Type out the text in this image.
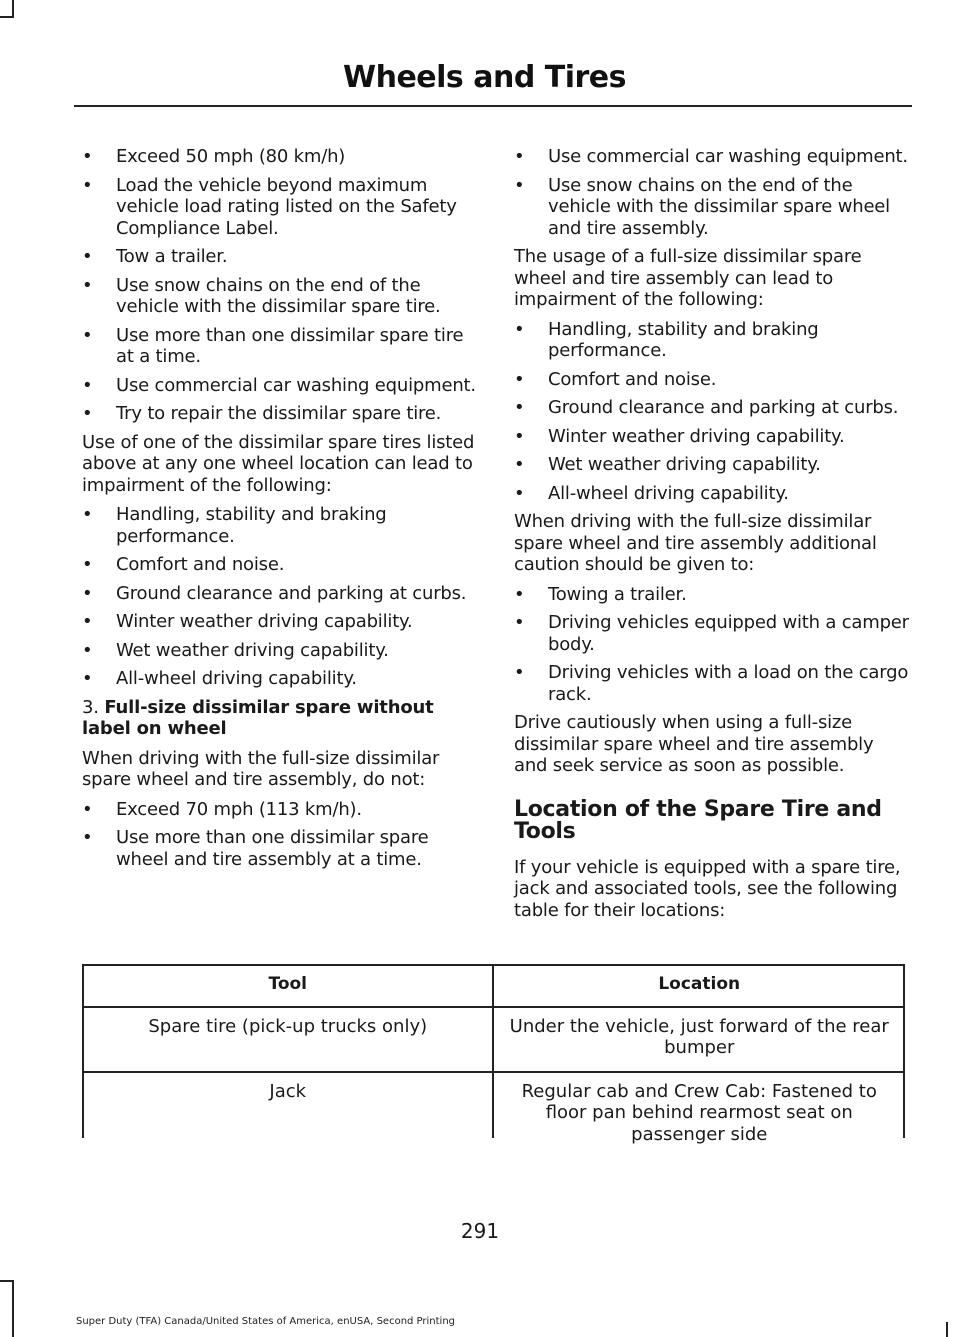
Wheels and Tires
•	Exceed 50 mph (80 km/h)
•	Load the vehicle beyond maximum vehicle load rating listed on the Safety Compliance Label.
•	Tow a trailer.
•	Use snow chains on the end of the vehicle with the dissimilar spare tire.
•	Use more than one dissimilar spare tire at a time.
•	Use commercial car washing equipment.
•	Try to repair the dissimilar spare tire.

Use of one of the dissimilar spare tires listed above at any one wheel location can lead to impairment of the following:

•	Handling, stability and braking performance.
•	Comfort and noise.
•	Ground clearance and parking at curbs.
•	Winter weather driving capability.
•	Wet weather driving capability.
•	All-wheel driving capability.

3. Full-size dissimilar spare without label on wheel

When driving with the full-size dissimilar spare wheel and tire assembly, do not:

•	Exceed 70 mph (113 km/h).
•	Use more than one dissimilar spare wheel and tire assembly at a time.
•	Use commercial car washing equipment.
•	Use snow chains on the end of the vehicle with the dissimilar spare wheel and tire assembly.

The usage of a full-size dissimilar spare wheel and tire assembly can lead to impairment of the following:

•	Handling, stability and braking performance.
•	Comfort and noise.
•	Ground clearance and parking at curbs.
•	Winter weather driving capability.
•	Wet weather driving capability.
•	All-wheel driving capability.

When driving with the full-size dissimilar spare wheel and tire assembly additional caution should be given to:

•	Towing a trailer.
•	Driving vehicles equipped with a camper body.
•	Driving vehicles with a load on the cargo rack.

Drive cautiously when using a full-size dissimilar spare wheel and tire assembly and seek service as soon as possible.

Location of the Spare Tire and Tools

If your vehicle is equipped with a spare tire, jack and associated tools, see the following table for their locations:

Tool	Location
Spare tire (pick-up trucks only)	Under the vehicle, just forward of the rear bumper
Jack	Regular cab and Crew Cab: Fastened to floor pan behind rearmost seat on passenger side
291
Super Duty (TFA) Canada/United States of America, enUSA, Second Printing
